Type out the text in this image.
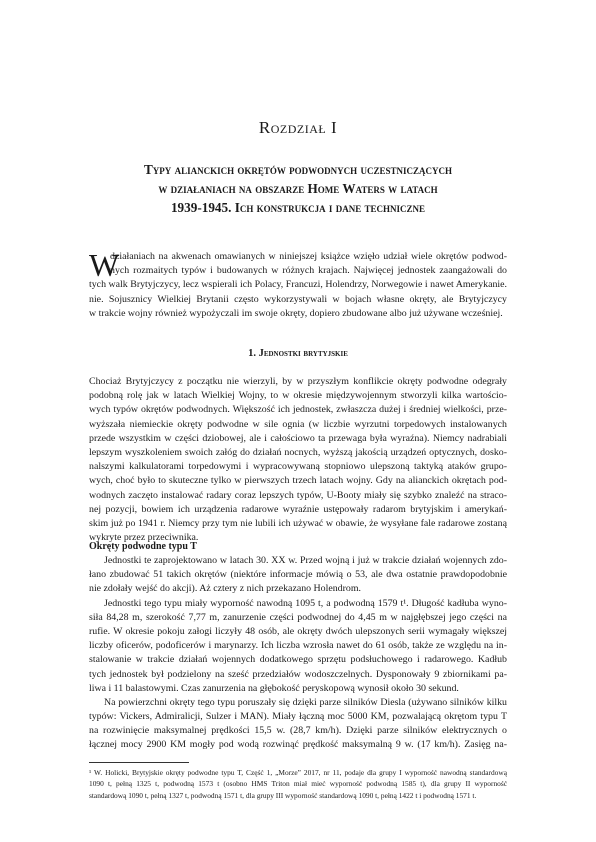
Rozdział I
Typy alianckich okrętów podwodnych uczestniczących
w działaniach na obszarze Home Waters w latach
1939-1945. Ich konstrukcja i dane techniczne
W
działaniach na akwenach omawianych w niniejszej książce wzięło udział wiele okrętów podwod-
nych rozmaitych typów i budowanych w różnych krajach. Najwięcej jednostek zaangażowali do
tych walk Brytyjczycy, lecz wspierali ich Polacy, Francuzi, Holendrzy, Norwegowie i nawet Amerykanie.
nie. Sojusznicy Wielkiej Brytanii często wykorzystywali w bojach własne okręty, ale Brytyjczycy
w trakcie wojny również wypożyczali im swoje okręty, dopiero zbudowane albo już używane wcześniej.
1. Jednostki brytyjskie
Chociaż Brytyjczycy z początku nie wierzyli, by w przyszłym konflikcie okręty podwodne odegrały
podobną rolę jak w latach Wielkiej Wojny, to w okresie międzywojennym stworzyli kilka wartościo-
wych typów okrętów podwodnych. Większość ich jednostek, zwłaszcza dużej i średniej wielkości, prze-
wyższała niemieckie okręty podwodne w sile ognia (w liczbie wyrzutni torpedowych instalowanych
przede wszystkim w części dziobowej, ale i całościowo ta przewaga była wyraźna). Niemcy nadrabiali
lepszym wyszkoleniem swoich załóg do działań nocnych, wyższą jakością urządzeń optycznych, dosko-
nalszymi kalkulatorami torpedowymi i wypracowywaną stopniowo ulepszoną taktyką ataków grupo-
wych, choć było to skuteczne tylko w pierwszych trzech latach wojny. Gdy na alianckich okrętach pod-
wodnych zaczęto instalować radary coraz lepszych typów, U-Booty miały się szybko znaleźć na straco-
nej pozycji, bowiem ich urządzenia radarowe wyraźnie ustępowały radarom brytyjskim i amerykań-
skim już po 1941 r. Niemcy przy tym nie lubili ich używać w obawie, że wysyłane fale radarowe zostaną
wykryte przez przeciwnika.
Okręty podwodne typu T
Jednostki te zaprojektowano w latach 30. XX w. Przed wojną i już w trakcie działań wojennych zdo-
łano zbudować 51 takich okrętów (niektóre informacje mówią o 53, ale dwa ostatnie prawdopodobnie
nie zdołały wejść do akcji). Aż cztery z nich przekazano Holendrom.
Jednostki tego typu miały wyporność nawodną 1095 t, a podwodną 1579 t¹. Długość kadłuba wyno-
siła 84,28 m, szerokość 7,77 m, zanurzenie części podwodnej do 4,45 m w najgłębszej jego części na
rufie. W okresie pokoju załogi liczyły 48 osób, ale okręty dwóch ulepszonych serii wymagały większej
liczby oficerów, podoficerów i marynarzy. Ich liczba wzrosła nawet do 61 osób, także ze względu na in-
stalowanie w trakcie działań wojennych dodatkowego sprzętu podsłuchowego i radarowego. Kadłub
tych jednostek był podzielony na sześć przedziałów wodoszczelnych. Dysponowały 9 zbiornikami pa-
liwa i 11 balastowymi. Czas zanurzenia na głębokość peryskopową wynosił około 30 sekund.
Na powierzchni okręty tego typu poruszały się dzięki parze silników Diesla (używano silników kilku
typów: Vickers, Admiralicji, Sulzer i MAN). Miały łączną moc 5000 KM, pozwalającą okrętom typu T
na rozwinięcie maksymalnej prędkości 15,5 w. (28,7 km/h). Dzięki parze silników elektrycznych o
łącznej mocy 2900 KM mogły pod wodą rozwinąć prędkość maksymalną 9 w. (17 km/h). Zasięg na-
¹ W. Holicki, Brytyjskie okręty podwodne typu T, Część 1, „Morze” 2017, nr 11, podaje dla grupy I wyporność nawodną standardową
1090 t, pełną 1325 t, podwodną 1573 t (osobno HMS Triton miał mieć wyporność podwodną 1585 t), dla grupy II wyporność
standardową 1090 t, pełną 1327 t, podwodną 1571 t, dla grupy III wyporność standardową 1090 t, pełną 1422 t i podwodną 1571 t.
